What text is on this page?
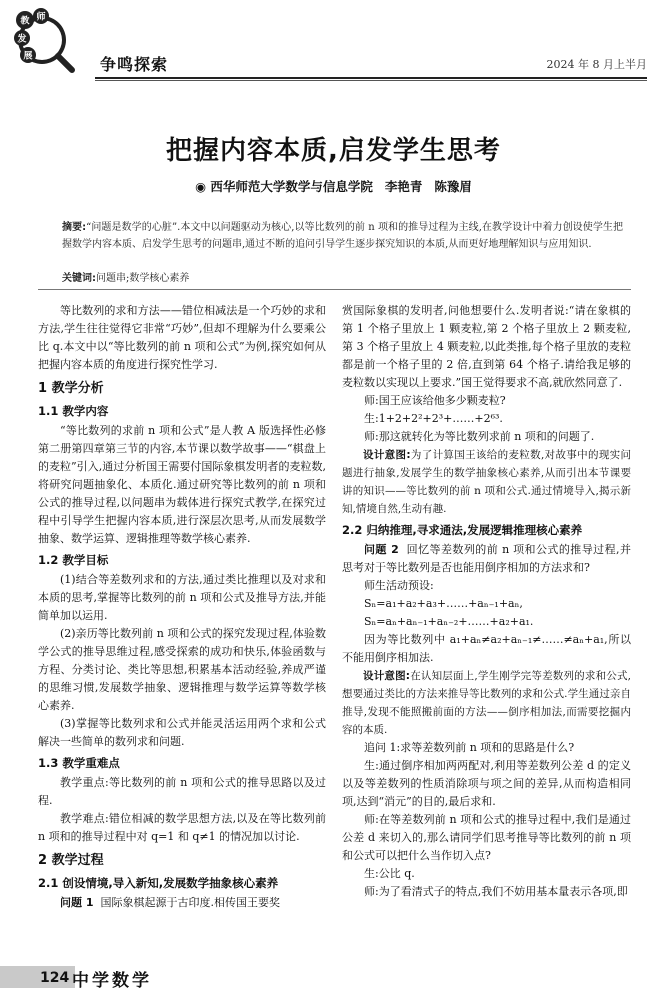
教 师
发
展	争鸣探索	2024 年 8 月上半月
把握内容本质,启发学生思考
◉ 西华师范大学数学与信息学院 李艳青 陈豫眉
摘要:“问题是数学的心脏”.本文中以问题驱动为核心,以等比数列的前 n 项和的推导过程为主线,在教学设计中着力创设使学生把握数学内容本质、启发学生思考的问题串,通过不断的追问引导学生逐步探究知识的本质,从而更好地理解知识与应用知识.
关键词:问题串;数学核心素养

等比数列的求和方法——错位相减法是一个巧妙的求和方法,学生往往觉得它非常“巧妙”,但却不理解为什么要乘公比 q.本文中以“等比数列的前 n 项和公式”为例,探究如何从把握内容本质的角度进行探究性学习.

1 教学分析
1.1 教学内容

“等比数列的求前 n 项和公式”是人教 A 版选择性必修第二册第四章第三节的内容,本节课以数学故事——“棋盘上的麦粒”引入,通过分析国王需要付国际象棋发明者的麦粒数,将研究问题抽象化、本质化.通过研究等比数列的前 n 项和公式的推导过程,以问题串为载体进行探究式教学,在探究过程中引导学生把握内容本质,进行深层次思考,从而发展数学抽象、数学运算、逻辑推理等数学核心素养.

1.2 教学目标

(1)结合等差数列求和的方法,通过类比推理以及对求和本质的思考,掌握等比数列的前 n 项和公式及推导方法,并能简单加以运用.

(2)亲历等比数列前 n 项和公式的探究发现过程,体验数学公式的推导思维过程,感受探索的成功和快乐,体验函数与方程、分类讨论、类比等思想,积累基本活动经验,养成严谨的思维习惯,发展数学抽象、逻辑推理与数学运算等数学核心素养.

(3)掌握等比数列求和公式并能灵活运用两个求和公式解决一些简单的数列求和问题.

1.3 教学重难点

教学重点:等比数列的前 n 项和公式的推导思路以及过程.

教学难点:错位相减的数学思想方法,以及在等比数列前 n 项和的推导过程中对 q=1 和 q≠1 的情况加以讨论.

2 教学过程
2.1 创设情境,导入新知,发展数学抽象核心素养

问题 1 国际象棋起源于古印度.相传国王要奖

赏国际象棋的发明者,问他想要什么.发明者说:“请在象棋的第 1 个格子里放上 1 颗麦粒,第 2 个格子里放上 2 颗麦粒,第 3 个格子里放上 4 颗麦粒,以此类推,每个格子里放的麦粒都是前一个格子里的 2 倍,直到第 64 个格子.请给我足够的麦粒数以实现以上要求.”国王觉得要求不高,就欣然同意了.

师:国王应该给他多少颗麦粒?

生:1+2+2²+2³+……+2⁶³.

师:那这就转化为等比数列求前 n 项和的问题了.

设计意图:为了计算国王该给的麦粒数,对故事中的现实问题进行抽象,发展学生的数学抽象核心素养,从而引出本节课要讲的知识——等比数列的前 n 项和公式.通过情境导入,揭示新知,情境自然,生动有趣.

2.2 归纳推理,寻求通法,发展逻辑推理核心素养

问题 2 回忆等差数列的前 n 项和公式的推导过程,并思考对于等比数列是否也能用倒序相加的方法求和?

师生活动预设:

Sₙ=a₁+a₂+a₃+……+aₙ₋₁+aₙ,

Sₙ=aₙ+aₙ₋₁+aₙ₋₂+……+a₂+a₁.

因为等比数列中 a₁+aₙ≠a₂+aₙ₋₁≠……≠aₙ+a₁,所以不能用倒序相加法.

设计意图:在认知层面上,学生刚学完等差数列的求和公式,想要通过类比的方法来推导等比数列的求和公式.学生通过亲自推导,发现不能照搬前面的方法——倒序相加法,而需要挖掘内容的本质.

追问 1:求等差数列前 n 项和的思路是什么?

生:通过倒序相加两两配对,利用等差数列公差 d 的定义以及等差数列的性质消除项与项之间的差异,从而构造相同项,达到“消元”的目的,最后求和.

师:在等差数列前 n 项和公式的推导过程中,我们是通过公差 d 来切入的,那么请同学们思考推导等比数列的前 n 项和公式可以把什么当作切入点?

生:公比 q.

师:为了看清式子的特点,我们不妨用基本量表示各项,即

124 中学数学
